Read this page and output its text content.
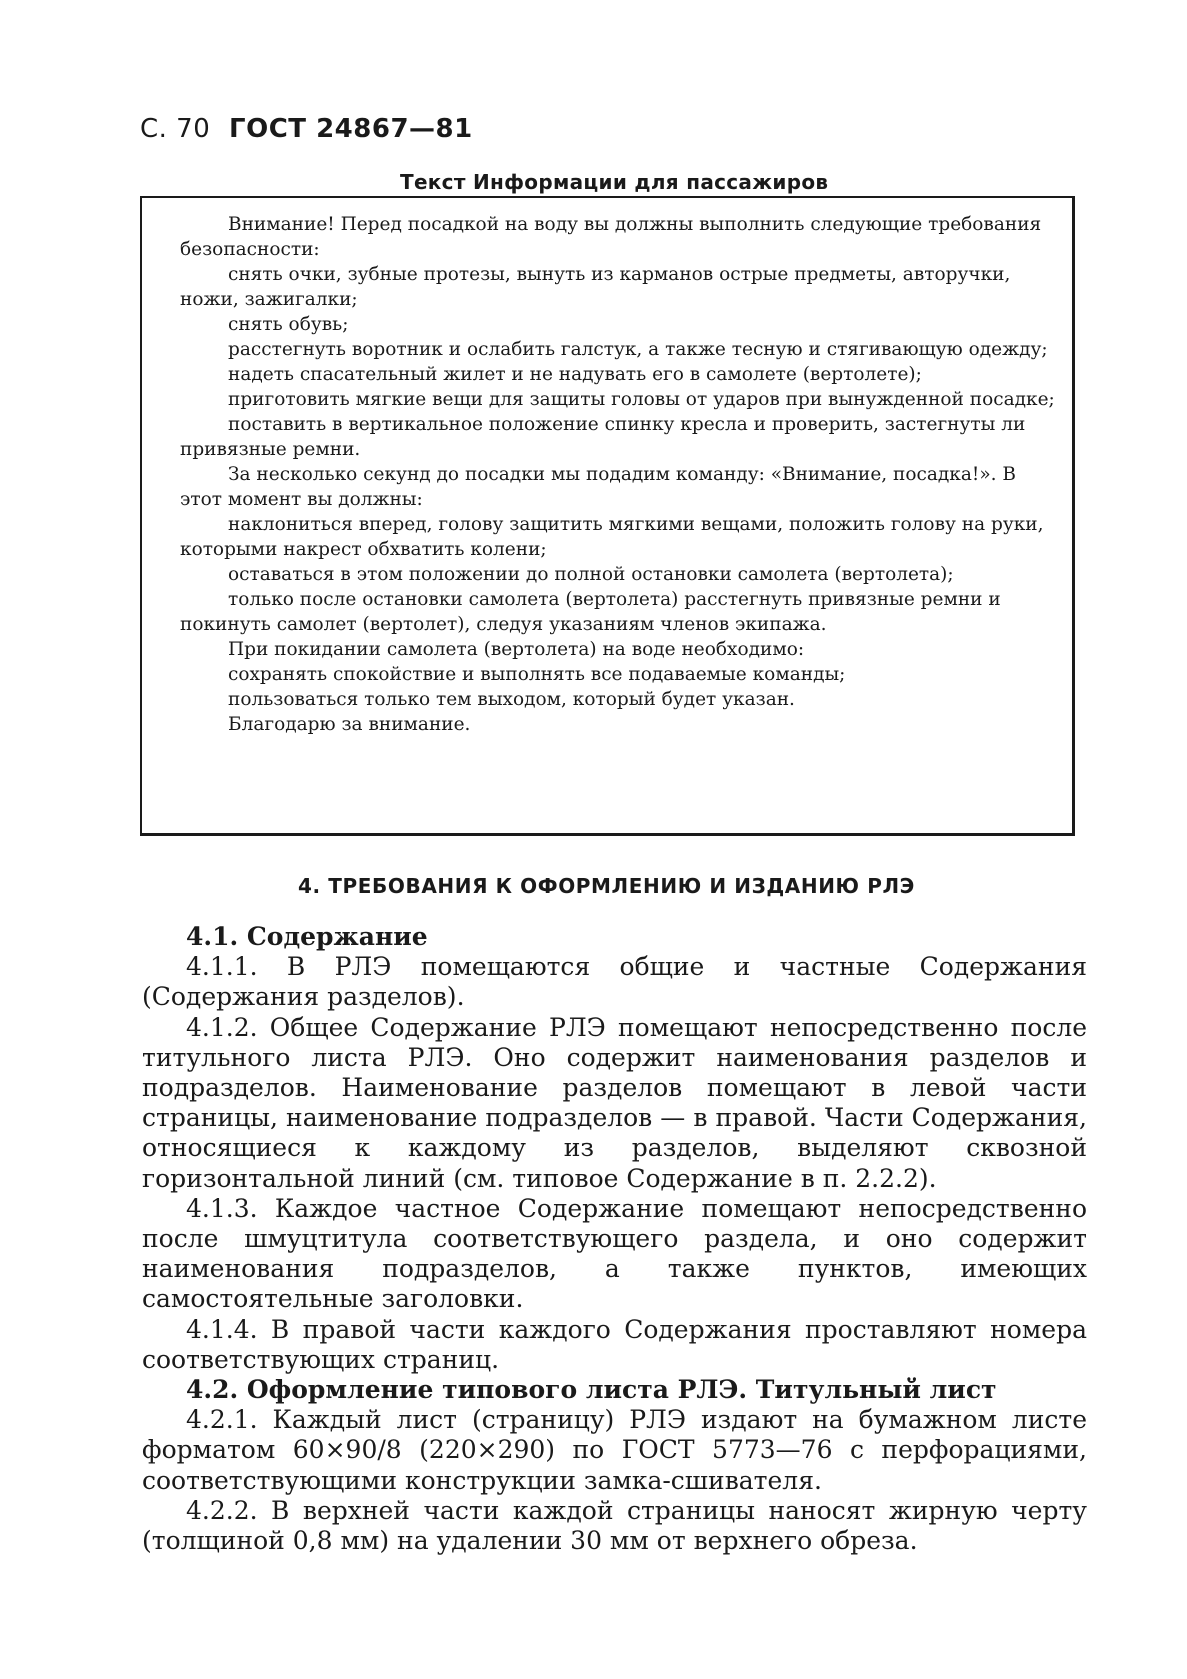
С. 70 ГОСТ 24867—81
Текст Информации для пассажиров

Внимание! Перед посадкой на воду вы должны выполнить следующие требования безопасности:

снять очки, зубные протезы, вынуть из карманов острые предметы, авторучки, ножи, зажигалки;

снять обувь;

расстегнуть воротник и ослабить галстук, а также тесную и стягивающую одежду;

надеть спасательный жилет и не надувать его в самолете (вертолете);

приготовить мягкие вещи для защиты головы от ударов при вынужденной посадке;

поставить в вертикальное положение спинку кресла и проверить, застегнуты ли привязные ремни.

За несколько секунд до посадки мы подадим команду: «Внимание, посадка!». В этот момент вы должны:

наклониться вперед, голову защитить мягкими вещами, положить голову на руки, которыми накрест обхватить колени;

оставаться в этом положении до полной остановки самолета (вертолета);

только после остановки самолета (вертолета) расстегнуть привязные ремни и покинуть самолет (вертолет), следуя указаниям членов экипажа.

При покидании самолета (вертолета) на воде необходимо:

сохранять спокойствие и выполнять все подаваемые команды;

пользоваться только тем выходом, который будет указан.

Благодарю за внимание.

4. ТРЕБОВАНИЯ К ОФОРМЛЕНИЮ И ИЗДАНИЮ РЛЭ

4.1. Содержание

4.1.1. В РЛЭ помещаются общие и частные Содержания (Содержания разделов).

4.1.2. Общее Содержание РЛЭ помещают непосредственно после титульного листа РЛЭ. Оно содержит наименования разделов и подразделов. Наименование разделов помещают в левой части страницы, наименование подразделов — в правой. Части Содержания, относящиеся к каждому из разделов, выделяют сквозной горизонтальной линий (см. типовое Содержание в п. 2.2.2).

4.1.3. Каждое частное Содержание помещают непосредственно после шмуцтитула соответствующего раздела, и оно содержит наименования подразделов, а также пунктов, имеющих самостоятельные заголовки.

4.1.4. В правой части каждого Содержания проставляют номера соответствующих страниц.

4.2. Оформление типового листа РЛЭ. Титульный лист

4.2.1. Каждый лист (страницу) РЛЭ издают на бумажном листе форматом 60×90/8 (220×290) по ГОСТ 5773—76 с перфорациями, соответствующими конструкции замка-сшивателя.

4.2.2. В верхней части каждой страницы наносят жирную черту (толщиной 0,8 мм) на удалении 30 мм от верхнего обреза.
